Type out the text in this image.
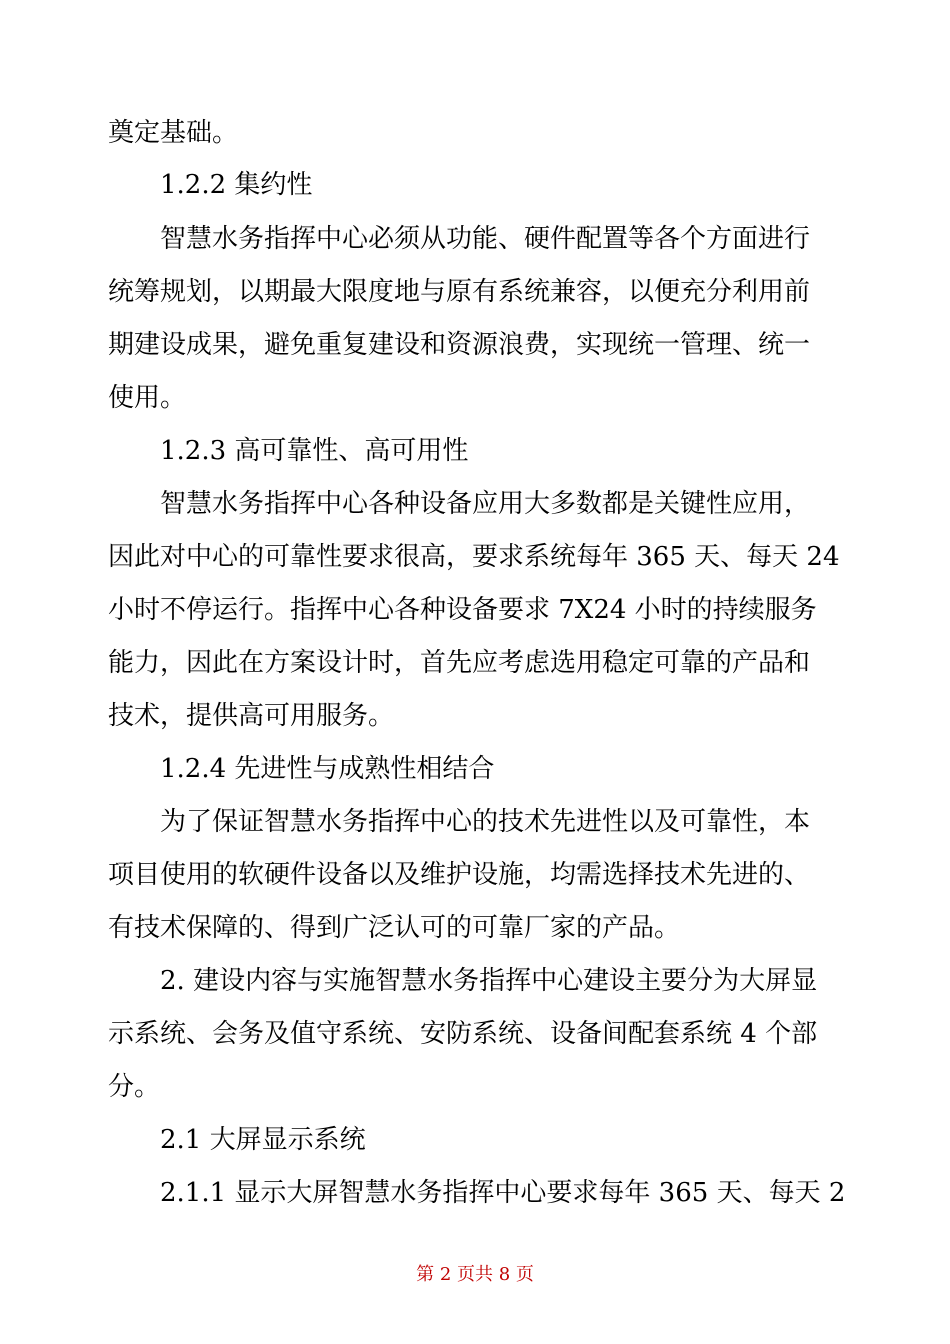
奠定基础。
1.2.2 集约性
智慧水务指挥中心必须从功能、硬件配置等各个方面进行
统筹规划，以期最大限度地与原有系统兼容，以便充分利用前
期建设成果，避免重复建设和资源浪费，实现统一管理、统一
使用。
1.2.3 高可靠性、高可用性
智慧水务指挥中心各种设备应用大多数都是关键性应用，
因此对中心的可靠性要求很高，要求系统每年 365 天、每天 24
小时不停运行。指挥中心各种设备要求 7X24 小时的持续服务
能力，因此在方案设计时，首先应考虑选用稳定可靠的产品和
技术，提供高可用服务。
1.2.4 先进性与成熟性相结合
为了保证智慧水务指挥中心的技术先进性以及可靠性，本
项目使用的软硬件设备以及维护设施，均需选择技术先进的、
有技术保障的、得到广泛认可的可靠厂家的产品。
2. 建设内容与实施智慧水务指挥中心建设主要分为大屏显
示系统、会务及值守系统、安防系统、设备间配套系统 4 个部
分。
2.1 大屏显示系统
2.1.1 显示大屏智慧水务指挥中心要求每年 365 天、每天 2
第 2 页共 8 页
